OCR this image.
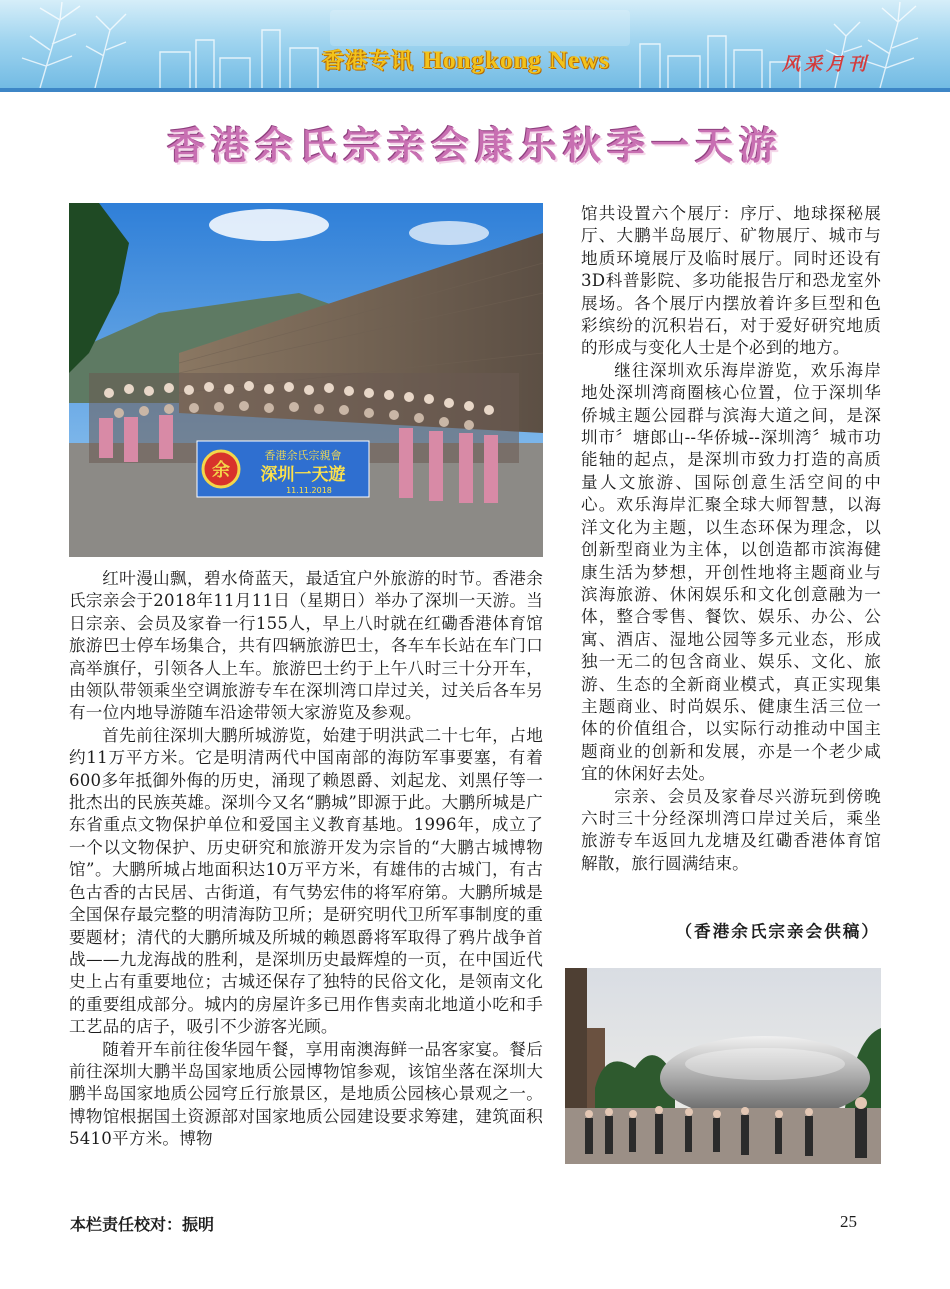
香港专讯 Hongkong News	风采月刊
香港余氏宗亲会康乐秋季一天游
余
香港余氏宗親會
深圳一天遊
11.11.2018

红叶漫山飘，碧水倚蓝天，最适宜户外旅游的时节。香港余氏宗亲会于2018年11月11日（星期日）举办了深圳一天游。当日宗亲、会员及家眷一行155人，早上八时就在红磡香港体育馆旅游巴士停车场集合，共有四辆旅游巴士，各车车长站在车门口高举旗仔，引领各人上车。旅游巴士约于上午八时三十分开车，由领队带领乘坐空调旅游专车在深圳湾口岸过关，过关后各车另有一位内地导游随车沿途带领大家游览及参观。

首先前往深圳大鹏所城游览，始建于明洪武二十七年，占地约11万平方米。它是明清两代中国南部的海防军事要塞，有着600多年抵御外侮的历史，涌现了赖恩爵、刘起龙、刘黑仔等一批杰出的民族英雄。深圳今又名“鹏城”即源于此。大鹏所城是广东省重点文物保护单位和爱国主义教育基地。1996年，成立了一个以文物保护、历史研究和旅游开发为宗旨的“大鹏古城博物馆”。大鹏所城占地面积达10万平方米，有雄伟的古城门，有古色古香的古民居、古街道，有气势宏伟的将军府第。大鹏所城是全国保存最完整的明清海防卫所；是研究明代卫所军事制度的重要题材；清代的大鹏所城及所城的赖恩爵将军取得了鸦片战争首战——九龙海战的胜利，是深圳历史最辉煌的一页，在中国近代史上占有重要地位；古城还保存了独特的民俗文化，是领南文化的重要组成部分。城内的房屋许多已用作售卖南北地道小吃和手工艺品的店子，吸引不少游客光顾。

随着开车前往俊华园午餐，享用南澳海鲜一品客家宴。餐后前往深圳大鹏半岛国家地质公园博物馆参观，该馆坐落在深圳大鹏半岛国家地质公园穹丘行旅景区，是地质公园核心景观之一。博物馆根据国土资源部对国家地质公园建设要求筹建，建筑面积5410平方米。博物

馆共设置六个展厅：序厅、地球探秘展厅、大鹏半岛展厅、矿物展厅、城市与地质环境展厅及临时展厅。同时还设有3D科普影院、多功能报告厅和恐龙室外展场。各个展厅内摆放着许多巨型和色彩缤纷的沉积岩石，对于爱好研究地质的形成与变化人士是个必到的地方。

继往深圳欢乐海岸游览，欢乐海岸地处深圳湾商圈核心位置，位于深圳华侨城主题公园群与滨海大道之间，是深圳市〞塘郎山--华侨城--深圳湾〞城市功能轴的起点，是深圳市致力打造的高质量人文旅游、国际创意生活空间的中心。欢乐海岸汇聚全球大师智慧，以海洋文化为主题，以生态环保为理念，以创新型商业为主体，以创造都市滨海健康生活为梦想，开创性地将主题商业与滨海旅游、休闲娱乐和文化创意融为一体，整合零售、餐饮、娱乐、办公、公寓、酒店、湿地公园等多元业态，形成独一无二的包含商业、娱乐、文化、旅游、生态的全新商业模式，真正实现集主题商业、时尚娱乐、健康生活三位一体的价值组合，以实际行动推动中国主题商业的创新和发展，亦是一个老少咸宜的休闲好去处。

宗亲、会员及家眷尽兴游玩到傍晚六时三十分经深圳湾口岸过关后，乘坐旅游专车返回九龙塘及红磡香港体育馆解散，旅行圆满结束。

（香港余氏宗亲会供稿）
本栏责任校对：振明	25
